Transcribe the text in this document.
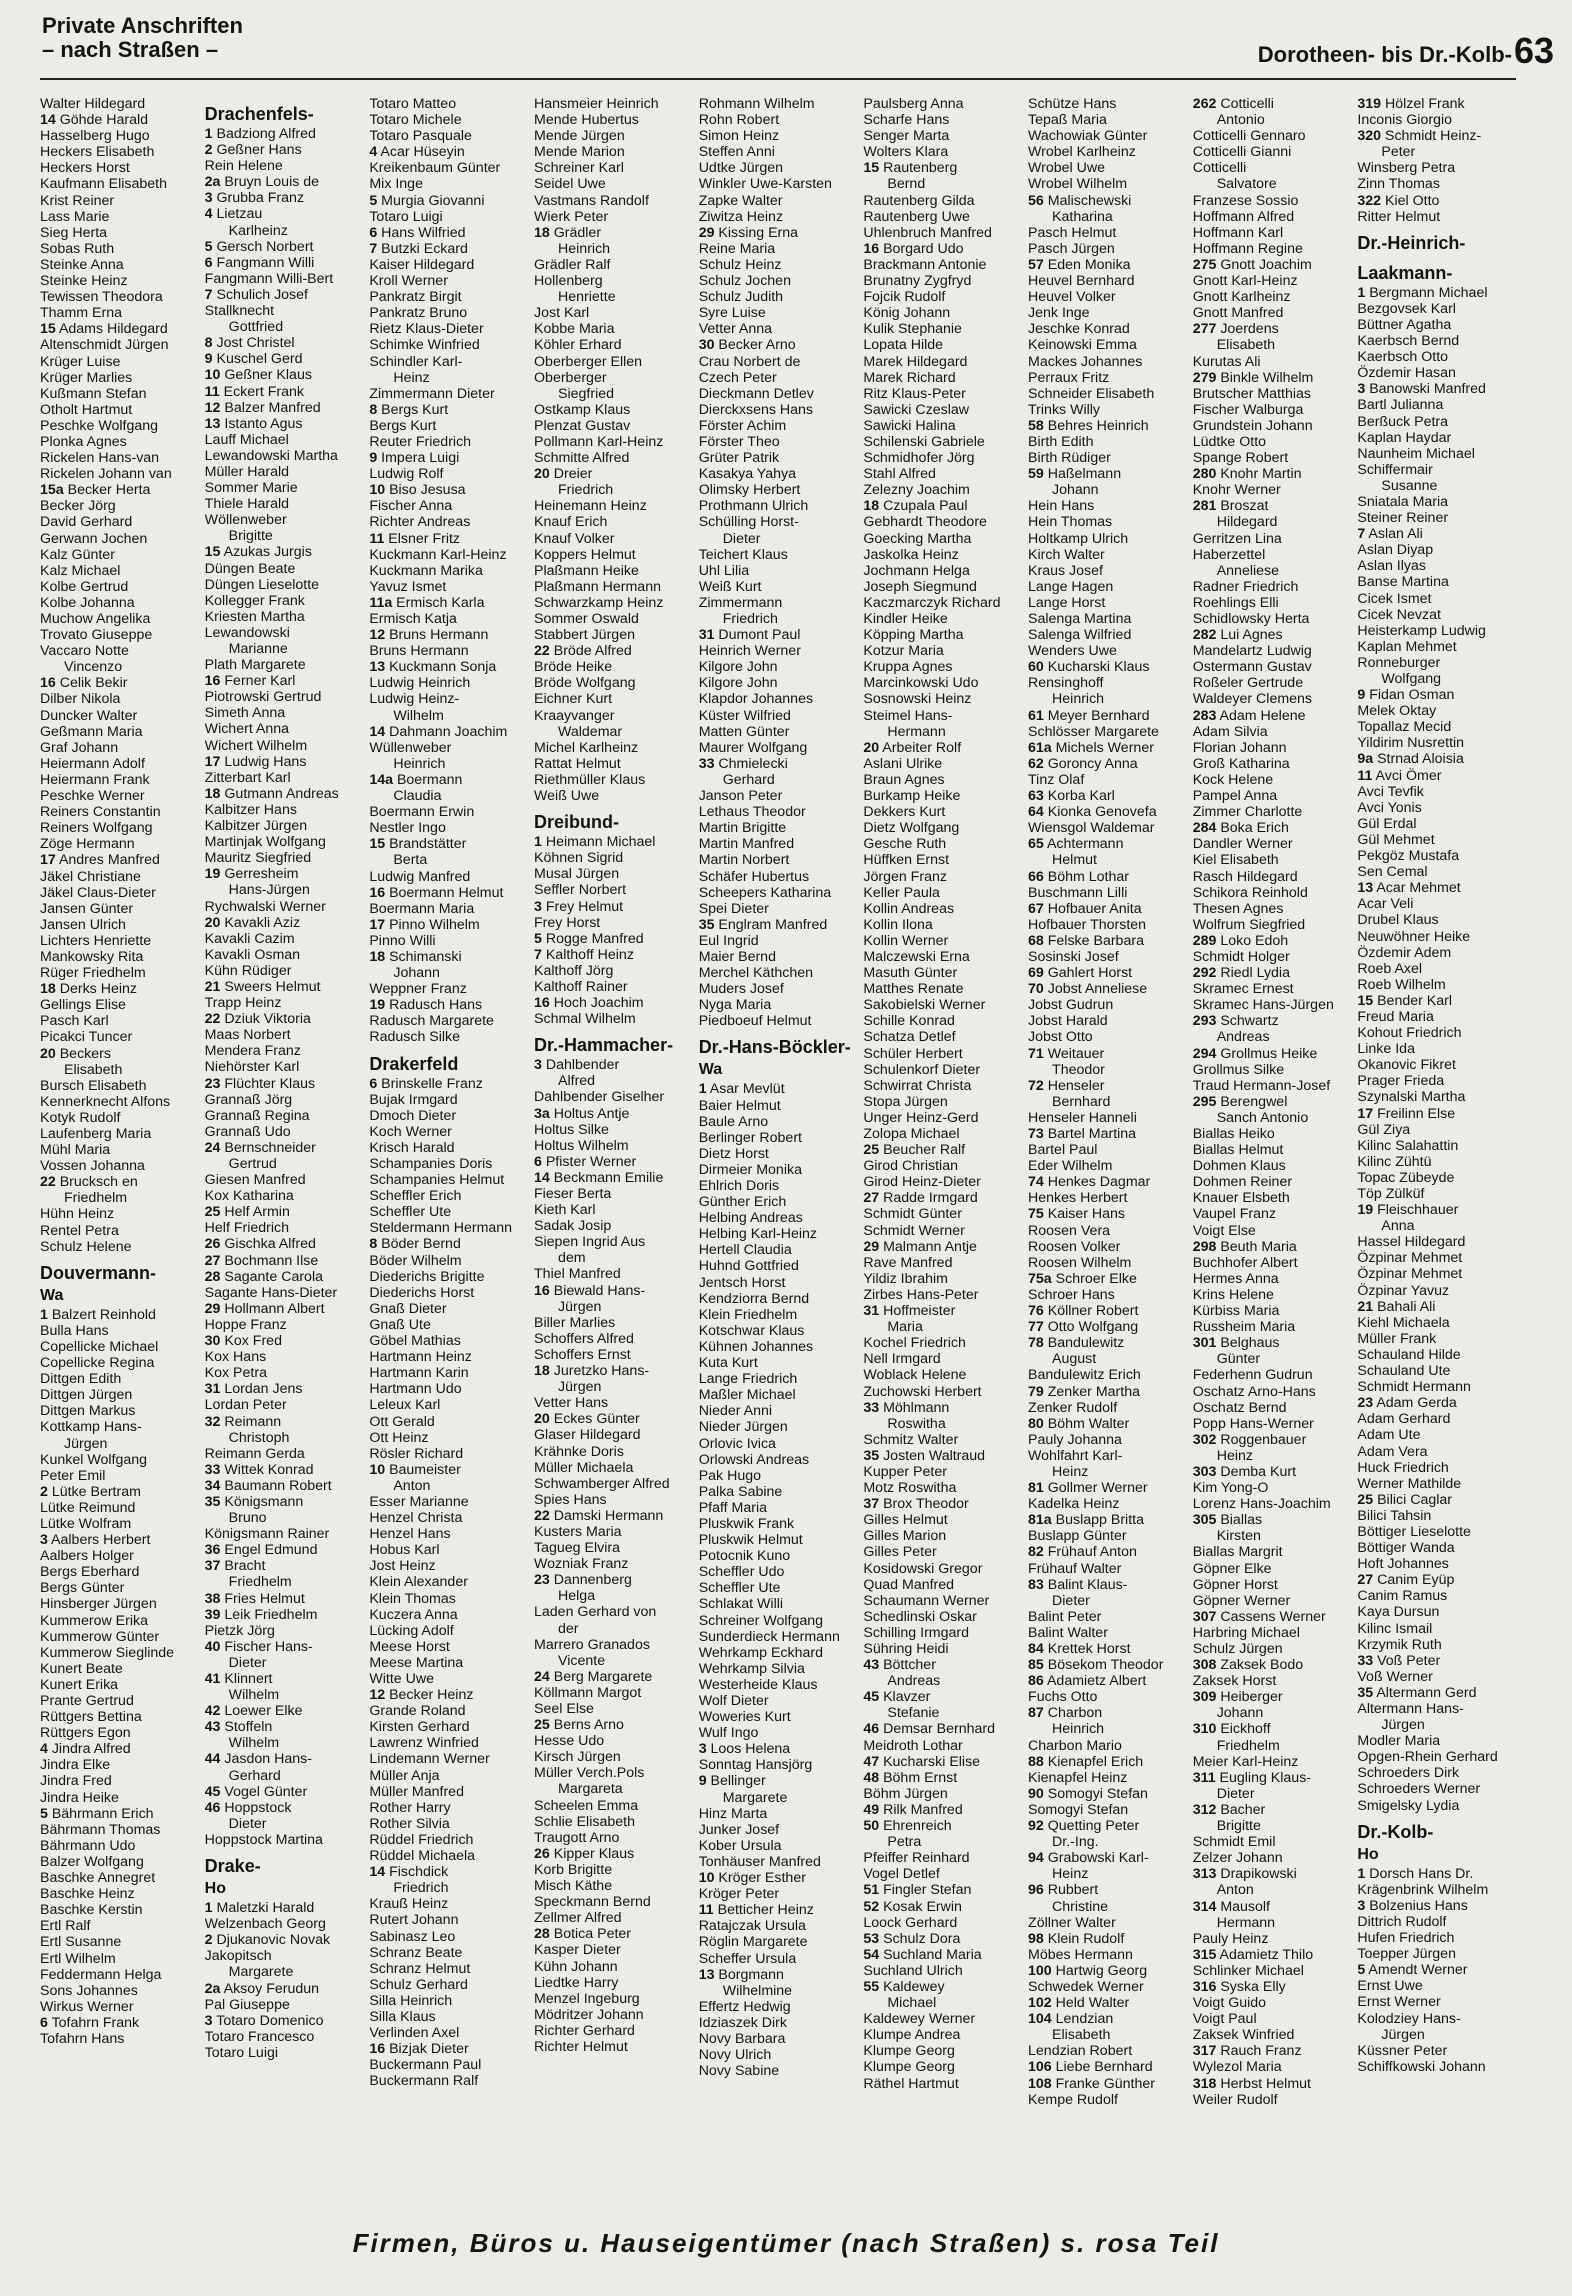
Private Anschriften
– nach Straßen –	Dorotheen- bis Dr.-Kolb- 63
Walter Hildegard
14 Göhde Harald
Hasselberg Hugo
Heckers Elisabeth
Heckers Horst
Kaufmann Elisabeth
Krist Reiner
Lass Marie
Sieg Herta
Sobas Ruth
Steinke Anna
Steinke Heinz
Tewissen Theodora
Thamm Erna
15 Adams Hildegard
Altenschmidt Jürgen
Krüger Luise
Krüger Marlies
Kußmann Stefan
Otholt Hartmut
Peschke Wolfgang
Plonka Agnes
Rickelen Hans-van
Rickelen Johann van
15a Becker Herta
Becker Jörg
David Gerhard
Gerwann Jochen
Kalz Günter
Kalz Michael
Kolbe Gertrud
Kolbe Johanna
Muchow Angelika
Trovato Giuseppe
Vaccaro Notte
Vincenzo
16 Celik Bekir
Dilber Nikola
Duncker Walter
Geßmann Maria
Graf Johann
Heiermann Adolf
Heiermann Frank
Peschke Werner
Reiners Constantin
Reiners Wolfgang
Zöge Hermann
17 Andres Manfred
Jäkel Christiane
Jäkel Claus-Dieter
Jansen Günter
Jansen Ulrich
Lichters Henriette
Mankowsky Rita
Rüger Friedhelm
18 Derks Heinz
Gellings Elise
Pasch Karl
Picakci Tuncer
20 Beckers
Elisabeth
Bursch Elisabeth
Kennerknecht Alfons
Kotyk Rudolf
Laufenberg Maria
Mühl Maria
Vossen Johanna
22 Brucksch en
Friedhelm
Hühn Heinz
Rentel Petra
Schulz Helene
Douvermann-
Wa
1 Balzert Reinhold
Bulla Hans
Copellicke Michael
Copellicke Regina
Dittgen Edith
Dittgen Jürgen
Dittgen Markus
Kottkamp Hans-
Jürgen
Kunkel Wolfgang
Peter Emil
2 Lütke Bertram
Lütke Reimund
Lütke Wolfram
3 Aalbers Herbert
Aalbers Holger
Bergs Eberhard
Bergs Günter
Hinsberger Jürgen
Kummerow Erika
Kummerow Günter
Kummerow Sieglinde
Kunert Beate
Kunert Erika
Prante Gertrud
Rüttgers Bettina
Rüttgers Egon
4 Jindra Alfred
Jindra Elke
Jindra Fred
Jindra Heike
5 Bährmann Erich
Bährmann Thomas
Bährmann Udo
Balzer Wolfgang
Baschke Annegret
Baschke Heinz
Baschke Kerstin
Ertl Ralf
Ertl Susanne
Ertl Wilhelm
Feddermann Helga
Sons Johannes
Wirkus Werner
6 Tofahrn Frank
Tofahrn Hans
Drachenfels-
1 Badziong Alfred
2 Geßner Hans
Rein Helene
2a Bruyn Louis de
3 Grubba Franz
4 Lietzau
Karlheinz
5 Gersch Norbert
6 Fangmann Willi
Fangmann Willi-Bert
7 Schulich Josef
Stallknecht
Gottfried
8 Jost Christel
9 Kuschel Gerd
10 Geßner Klaus
11 Eckert Frank
12 Balzer Manfred
13 Istanto Agus
Lauff Michael
Lewandowski Martha
Müller Harald
Sommer Marie
Thiele Harald
Wöllenweber
Brigitte
15 Azukas Jurgis
Düngen Beate
Düngen Lieselotte
Kollegger Frank
Kriesten Martha
Lewandowski
Marianne
Plath Margarete
16 Ferner Karl
Piotrowski Gertrud
Simeth Anna
Wichert Anna
Wichert Wilhelm
17 Ludwig Hans
Zitterbart Karl
18 Gutmann Andreas
Kalbitzer Hans
Kalbitzer Jürgen
Martinjak Wolfgang
Mauritz Siegfried
19 Gerresheim
Hans-Jürgen
Rychwalski Werner
20 Kavakli Aziz
Kavakli Cazim
Kavakli Osman
Kühn Rüdiger
21 Sweers Helmut
Trapp Heinz
22 Dziuk Viktoria
Maas Norbert
Mendera Franz
Niehörster Karl
23 Flüchter Klaus
Grannaß Jörg
Grannaß Regina
Grannaß Udo
24 Bernschneider
Gertrud
Giesen Manfred
Kox Katharina
25 Helf Armin
Helf Friedrich
26 Gischka Alfred
27 Bochmann Ilse
28 Sagante Carola
Sagante Hans-Dieter
29 Hollmann Albert
Hoppe Franz
30 Kox Fred
Kox Hans
Kox Petra
31 Lordan Jens
Lordan Peter
32 Reimann
Christoph
Reimann Gerda
33 Wittek Konrad
34 Baumann Robert
35 Königsmann
Bruno
Königsmann Rainer
36 Engel Edmund
37 Bracht
Friedhelm
38 Fries Helmut
39 Leik Friedhelm
Pietzk Jörg
40 Fischer Hans-
Dieter
41 Klinnert
Wilhelm
42 Loewer Elke
43 Stoffeln
Wilhelm
44 Jasdon Hans-
Gerhard
45 Vogel Günter
46 Hoppstock
Dieter
Hoppstock Martina
Drake-
Ho
1 Maletzki Harald
Welzenbach Georg
2 Djukanovic Novak
Jakopitsch
Margarete
2a Aksoy Ferudun
Pal Giuseppe
3 Totaro Domenico
Totaro Francesco
Totaro Luigi
Totaro Matteo
Totaro Michele
Totaro Pasquale
4 Acar Hüseyin
Kreikenbaum Günter
Mix Inge
5 Murgia Giovanni
Totaro Luigi
6 Hans Wilfried
7 Butzki Eckard
Kaiser Hildegard
Kroll Werner
Pankratz Birgit
Pankratz Bruno
Rietz Klaus-Dieter
Schimke Winfried
Schindler Karl-
Heinz
Zimmermann Dieter
8 Bergs Kurt
Bergs Kurt
Reuter Friedrich
9 Impera Luigi
Ludwig Rolf
10 Biso Jesusa
Fischer Anna
Richter Andreas
11 Elsner Fritz
Kuckmann Karl-Heinz
Kuckmann Marika
Yavuz Ismet
11a Ermisch Karla
Ermisch Katja
12 Bruns Hermann
Bruns Hermann
13 Kuckmann Sonja
Ludwig Heinrich
Ludwig Heinz-
Wilhelm
14 Dahmann Joachim
Wüllenweber
Heinrich
14a Boermann
Claudia
Boermann Erwin
Nestler Ingo
15 Brandstätter
Berta
Ludwig Manfred
16 Boermann Helmut
Boermann Maria
17 Pinno Wilhelm
Pinno Willi
18 Schimanski
Johann
Weppner Franz
19 Radusch Hans
Radusch Margarete
Radusch Silke
Drakerfeld
6 Brinskelle Franz
Bujak Irmgard
Dmoch Dieter
Koch Werner
Krisch Harald
Schampanies Doris
Schampanies Helmut
Scheffler Erich
Scheffler Ute
Steldermann Hermann
8 Böder Bernd
Böder Wilhelm
Diederichs Brigitte
Diederichs Horst
Gnaß Dieter
Gnaß Ute
Göbel Mathias
Hartmann Heinz
Hartmann Karin
Hartmann Udo
Leleux Karl
Ott Gerald
Ott Heinz
Rösler Richard
10 Baumeister
Anton
Esser Marianne
Henzel Christa
Henzel Hans
Hobus Karl
Jost Heinz
Klein Alexander
Klein Thomas
Kuczera Anna
Lücking Adolf
Meese Horst
Meese Martina
Witte Uwe
12 Becker Heinz
Grande Roland
Kirsten Gerhard
Lawrenz Winfried
Lindemann Werner
Müller Anja
Müller Manfred
Rother Harry
Rother Silvia
Rüddel Friedrich
Rüddel Michaela
14 Fischdick
Friedrich
Krauß Heinz
Rutert Johann
Sabinasz Leo
Schranz Beate
Schranz Helmut
Schulz Gerhard
Silla Heinrich
Silla Klaus
Verlinden Axel
16 Bizjak Dieter
Buckermann Paul
Buckermann Ralf
Hansmeier Heinrich
Mende Hubertus
Mende Jürgen
Mende Marion
Schreiner Karl
Seidel Uwe
Vastmans Randolf
Wierk Peter
18 Grädler
Heinrich
Grädler Ralf
Hollenberg
Henriette
Jost Karl
Kobbe Maria
Köhler Erhard
Oberberger Ellen
Oberberger
Siegfried
Ostkamp Klaus
Plenzat Gustav
Pollmann Karl-Heinz
Schmitte Alfred
20 Dreier
Friedrich
Heinemann Heinz
Knauf Erich
Knauf Volker
Koppers Helmut
Plaßmann Heike
Plaßmann Hermann
Schwarzkamp Heinz
Sommer Oswald
Stabbert Jürgen
22 Bröde Alfred
Bröde Heike
Bröde Wolfgang
Eichner Kurt
Kraayvanger
Waldemar
Michel Karlheinz
Rattat Helmut
Riethmüller Klaus
Weiß Uwe
Dreibund-
1 Heimann Michael
Köhnen Sigrid
Musal Jürgen
Seffler Norbert
3 Frey Helmut
Frey Horst
5 Rogge Manfred
7 Kalthoff Heinz
Kalthoff Jörg
Kalthoff Rainer
16 Hoch Joachim
Schmal Wilhelm
Dr.-Hammacher-
3 Dahlbender
Alfred
Dahlbender Giselher
3a Holtus Antje
Holtus Silke
Holtus Wilhelm
6 Pfister Werner
14 Beckmann Emilie
Fieser Berta
Kieth Karl
Sadak Josip
Siepen Ingrid Aus
dem
Thiel Manfred
16 Biewald Hans-
Jürgen
Biller Marlies
Schoffers Alfred
Schoffers Ernst
18 Juretzko Hans-
Jürgen
Vetter Hans
20 Eckes Günter
Glaser Hildegard
Krähnke Doris
Müller Michaela
Schwamberger Alfred
Spies Hans
22 Damski Hermann
Kusters Maria
Tagueg Elvira
Wozniak Franz
23 Dannenberg
Helga
Laden Gerhard von
der
Marrero Granados
Vicente
24 Berg Margarete
Köllmann Margot
Seel Else
25 Berns Arno
Hesse Udo
Kirsch Jürgen
Müller Verch.Pols
Margareta
Scheelen Emma
Schlie Elisabeth
Traugott Arno
26 Kipper Klaus
Korb Brigitte
Misch Käthe
Speckmann Bernd
Zellmer Alfred
28 Botica Peter
Kasper Dieter
Kühn Johann
Liedtke Harry
Menzel Ingeburg
Mödritzer Johann
Richter Gerhard
Richter Helmut
Rohmann Wilhelm
Rohn Robert
Simon Heinz
Steffen Anni
Udtke Jürgen
Winkler Uwe-Karsten
Zapke Walter
Ziwitza Heinz
29 Kissing Erna
Reine Maria
Schulz Heinz
Schulz Jochen
Schulz Judith
Syre Luise
Vetter Anna
30 Becker Arno
Crau Norbert de
Czech Peter
Dieckmann Detlev
Dierckxsens Hans
Förster Achim
Förster Theo
Grüter Patrik
Kasakya Yahya
Olimsky Herbert
Prothmann Ulrich
Schülling Horst-
Dieter
Teichert Klaus
Uhl Lilia
Weiß Kurt
Zimmermann
Friedrich
31 Dumont Paul
Heinrich Werner
Kilgore John
Kilgore John
Klapdor Johannes
Küster Wilfried
Matten Günter
Maurer Wolfgang
33 Chmielecki
Gerhard
Janson Peter
Lethaus Theodor
Martin Brigitte
Martin Manfred
Martin Norbert
Schäfer Hubertus
Scheepers Katharina
Spei Dieter
35 Englram Manfred
Eul Ingrid
Maier Bernd
Merchel Käthchen
Muders Josef
Nyga Maria
Piedboeuf Helmut
Dr.-Hans-Böckler-
Wa
1 Asar Mevlüt
Baier Helmut
Baule Arno
Berlinger Robert
Dietz Horst
Dirmeier Monika
Ehlrich Doris
Günther Erich
Helbing Andreas
Helbing Karl-Heinz
Hertell Claudia
Huhnd Gottfried
Jentsch Horst
Kendziorra Bernd
Klein Friedhelm
Kotschwar Klaus
Kühnen Johannes
Kuta Kurt
Lange Friedrich
Maßler Michael
Nieder Anni
Nieder Jürgen
Orlovic Ivica
Orlowski Andreas
Pak Hugo
Palka Sabine
Pfaff Maria
Pluskwik Frank
Pluskwik Helmut
Potocnik Kuno
Scheffler Udo
Scheffler Ute
Schlakat Willi
Schreiner Wolfgang
Sunderdieck Hermann
Wehrkamp Eckhard
Wehrkamp Silvia
Westerheide Klaus
Wolf Dieter
Woweries Kurt
Wulf Ingo
3 Loos Helena
Sonntag Hansjörg
9 Bellinger
Margarete
Hinz Marta
Junker Josef
Kober Ursula
Tonhäuser Manfred
10 Kröger Esther
Kröger Peter
11 Betticher Heinz
Ratajczak Ursula
Röglin Margarete
Scheffer Ursula
13 Borgmann
Wilhelmine
Effertz Hedwig
Idziaszek Dirk
Novy Barbara
Novy Ulrich
Novy Sabine
Paulsberg Anna
Scharfe Hans
Senger Marta
Wolters Klara
15 Rautenberg
Bernd
Rautenberg Gilda
Rautenberg Uwe
Uhlenbruch Manfred
16 Borgard Udo
Brackmann Antonie
Brunatny Zygfryd
Fojcik Rudolf
König Johann
Kulik Stephanie
Lopata Hilde
Marek Hildegard
Marek Richard
Ritz Klaus-Peter
Sawicki Czeslaw
Sawicki Halina
Schilenski Gabriele
Schmidhofer Jörg
Stahl Alfred
Zelezny Joachim
18 Czupala Paul
Gebhardt Theodore
Goecking Martha
Jaskolka Heinz
Jochmann Helga
Joseph Siegmund
Kaczmarczyk Richard
Kindler Heike
Köpping Martha
Kotzur Maria
Kruppa Agnes
Marcinkowski Udo
Sosnowski Heinz
Steimel Hans-
Hermann
20 Arbeiter Rolf
Aslani Ulrike
Braun Agnes
Burkamp Heike
Dekkers Kurt
Dietz Wolfgang
Gesche Ruth
Hüffken Ernst
Jörgen Franz
Keller Paula
Kollin Andreas
Kollin Ilona
Kollin Werner
Malczewski Erna
Masuth Günter
Matthes Renate
Sakobielski Werner
Schille Konrad
Schatza Detlef
Schüler Herbert
Schulenkorf Dieter
Schwirrat Christa
Stopa Jürgen
Unger Heinz-Gerd
Zolopa Michael
25 Beucher Ralf
Girod Christian
Girod Heinz-Dieter
27 Radde Irmgard
Schmidt Günter
Schmidt Werner
29 Malmann Antje
Rave Manfred
Yildiz Ibrahim
Zirbes Hans-Peter
31 Hoffmeister
Maria
Kochel Friedrich
Nell Irmgard
Woblack Helene
Zuchowski Herbert
33 Möhlmann
Roswitha
Schmitz Walter
35 Josten Waltraud
Kupper Peter
Motz Roswitha
37 Brox Theodor
Gilles Helmut
Gilles Marion
Gilles Peter
Kosidowski Gregor
Quad Manfred
Schaumann Werner
Schedlinski Oskar
Schilling Irmgard
Sühring Heidi
43 Böttcher
Andreas
45 Klavzer
Stefanie
46 Demsar Bernhard
Meidroth Lothar
47 Kucharski Elise
48 Böhm Ernst
Böhm Jürgen
49 Rilk Manfred
50 Ehrenreich
Petra
Pfeiffer Reinhard
Vogel Detlef
51 Fingler Stefan
52 Kosak Erwin
Loock Gerhard
53 Schulz Dora
54 Suchland Maria
Suchland Ulrich
55 Kaldewey
Michael
Kaldewey Werner
Klumpe Andrea
Klumpe Georg
Klumpe Georg
Räthel Hartmut
Schütze Hans
Tepaß Maria
Wachowiak Günter
Wrobel Karlheinz
Wrobel Uwe
Wrobel Wilhelm
56 Malischewski
Katharina
Pasch Helmut
Pasch Jürgen
57 Eden Monika
Heuvel Bernhard
Heuvel Volker
Jenk Inge
Jeschke Konrad
Keinowski Emma
Mackes Johannes
Perraux Fritz
Schneider Elisabeth
Trinks Willy
58 Behres Heinrich
Birth Edith
Birth Rüdiger
59 Haßelmann
Johann
Hein Hans
Hein Thomas
Holtkamp Ulrich
Kirch Walter
Kraus Josef
Lange Hagen
Lange Horst
Salenga Martina
Salenga Wilfried
Wenders Uwe
60 Kucharski Klaus
Rensinghoff
Heinrich
61 Meyer Bernhard
Schlösser Margarete
61a Michels Werner
62 Goroncy Anna
Tinz Olaf
63 Korba Karl
64 Kionka Genovefa
Wiensgol Waldemar
65 Achtermann
Helmut
66 Böhm Lothar
Buschmann Lilli
67 Hofbauer Anita
Hofbauer Thorsten
68 Felske Barbara
Sosinski Josef
69 Gahlert Horst
70 Jobst Anneliese
Jobst Gudrun
Jobst Harald
Jobst Otto
71 Weitauer
Theodor
72 Henseler
Bernhard
Henseler Hanneli
73 Bartel Martina
Bartel Paul
Eder Wilhelm
74 Henkes Dagmar
Henkes Herbert
75 Kaiser Hans
Roosen Vera
Roosen Volker
Roosen Wilhelm
75a Schroer Elke
Schroer Hans
76 Köllner Robert
77 Otto Wolfgang
78 Bandulewitz
August
Bandulewitz Erich
79 Zenker Martha
Zenker Rudolf
80 Böhm Walter
Pauly Johanna
Wohlfahrt Karl-
Heinz
81 Gollmer Werner
Kadelka Heinz
81a Buslapp Britta
Buslapp Günter
82 Frühauf Anton
Frühauf Walter
83 Balint Klaus-
Dieter
Balint Peter
Balint Walter
84 Krettek Horst
85 Bösekom Theodor
86 Adamietz Albert
Fuchs Otto
87 Charbon
Heinrich
Charbon Mario
88 Kienapfel Erich
Kienapfel Heinz
90 Somogyi Stefan
Somogyi Stefan
92 Quetting Peter
Dr.-Ing.
94 Grabowski Karl-
Heinz
96 Rubbert
Christine
Zöllner Walter
98 Klein Rudolf
Möbes Hermann
100 Hartwig Georg
Schwedek Werner
102 Held Walter
104 Lendzian
Elisabeth
Lendzian Robert
106 Liebe Bernhard
108 Franke Günther
Kempe Rudolf
262 Cotticelli
Antonio
Cotticelli Gennaro
Cotticelli Gianni
Cotticelli
Salvatore
Franzese Sossio
Hoffmann Alfred
Hoffmann Karl
Hoffmann Regine
275 Gnott Joachim
Gnott Karl-Heinz
Gnott Karlheinz
Gnott Manfred
277 Joerdens
Elisabeth
Kurutas Ali
279 Binkle Wilhelm
Brutscher Matthias
Fischer Walburga
Grundstein Johann
Lüdtke Otto
Spange Robert
280 Knohr Martin
Knohr Werner
281 Broszat
Hildegard
Gerritzen Lina
Haberzettel
Anneliese
Radner Friedrich
Roehlings Elli
Schidlowsky Herta
282 Lui Agnes
Mandelartz Ludwig
Ostermann Gustav
Roßeler Gertrude
Waldeyer Clemens
283 Adam Helene
Adam Silvia
Florian Johann
Groß Katharina
Kock Helene
Pampel Anna
Zimmer Charlotte
284 Boka Erich
Dandler Werner
Kiel Elisabeth
Rasch Hildegard
Schikora Reinhold
Thesen Agnes
Wolfrum Siegfried
289 Loko Edoh
Schmidt Holger
292 Riedl Lydia
Skramec Ernest
Skramec Hans-Jürgen
293 Schwartz
Andreas
294 Grollmus Heike
Grollmus Silke
Traud Hermann-Josef
295 Berengwel
Sanch Antonio
Biallas Heiko
Biallas Helmut
Dohmen Klaus
Dohmen Reiner
Knauer Elsbeth
Vaupel Franz
Voigt Else
298 Beuth Maria
Buchhofer Albert
Hermes Anna
Krins Helene
Kürbiss Maria
Russheim Maria
301 Belghaus
Günter
Federhenn Gudrun
Oschatz Arno-Hans
Oschatz Bernd
Popp Hans-Werner
302 Roggenbauer
Heinz
303 Demba Kurt
Kim Yong-O
Lorenz Hans-Joachim
305 Biallas
Kirsten
Biallas Margrit
Göpner Elke
Göpner Horst
Göpner Werner
307 Cassens Werner
Harbring Michael
Schulz Jürgen
308 Zaksek Bodo
Zaksek Horst
309 Heiberger
Johann
310 Eickhoff
Friedhelm
Meier Karl-Heinz
311 Eugling Klaus-
Dieter
312 Bacher
Brigitte
Schmidt Emil
Zelzer Johann
313 Drapikowski
Anton
314 Mausolf
Hermann
Pauly Heinz
315 Adamietz Thilo
Schlinker Michael
316 Syska Elly
Voigt Guido
Voigt Paul
Zaksek Winfried
317 Rauch Franz
Wylezol Maria
318 Herbst Helmut
Weiler Rudolf
319 Hölzel Frank
Inconis Giorgio
320 Schmidt Heinz-
Peter
Winsberg Petra
Zinn Thomas
322 Kiel Otto
Ritter Helmut
Dr.-Heinrich-
Laakmann-
1 Bergmann Michael
Bezgovsek Karl
Büttner Agatha
Kaerbsch Bernd
Kaerbsch Otto
Özdemir Hasan
3 Banowski Manfred
Bartl Julianna
Berßuck Petra
Kaplan Haydar
Naunheim Michael
Schiffermair
Susanne
Sniatala Maria
Steiner Reiner
7 Aslan Ali
Aslan Diyap
Aslan Ilyas
Banse Martina
Cicek Ismet
Cicek Nevzat
Heisterkamp Ludwig
Kaplan Mehmet
Ronneburger
Wolfgang
9 Fidan Osman
Melek Oktay
Topallaz Mecid
Yildirim Nusrettin
9a Strnad Aloisia
11 Avci Ömer
Avci Tevfik
Avci Yonis
Gül Erdal
Gül Mehmet
Pekgöz Mustafa
Sen Cemal
13 Acar Mehmet
Acar Veli
Drubel Klaus
Neuwöhner Heike
Özdemir Adem
Roeb Axel
Roeb Wilhelm
15 Bender Karl
Freud Maria
Kohout Friedrich
Linke Ida
Okanovic Fikret
Prager Frieda
Szynalski Martha
17 Freilinn Else
Gül Ziya
Kilinc Salahattin
Kilinc Zühtü
Topac Zübeyde
Töp Zülküf
19 Fleischhauer
Anna
Hassel Hildegard
Özpinar Mehmet
Özpinar Mehmet
Özpinar Yavuz
21 Bahali Ali
Kiehl Michaela
Müller Frank
Schauland Hilde
Schauland Ute
Schmidt Hermann
23 Adam Gerda
Adam Gerhard
Adam Ute
Adam Vera
Huck Friedrich
Werner Mathilde
25 Bilici Caglar
Bilici Tahsin
Böttiger Lieselotte
Böttiger Wanda
Hoft Johannes
27 Canim Eyüp
Canim Ramus
Kaya Dursun
Kilinc Ismail
Krzymik Ruth
33 Voß Peter
Voß Werner
35 Altermann Gerd
Altermann Hans-
Jürgen
Modler Maria
Opgen-Rhein Gerhard
Schroeders Dirk
Schroeders Werner
Smigelsky Lydia
Dr.-Kolb-
Ho
1 Dorsch Hans Dr.
Krägenbrink Wilhelm
3 Bolzenius Hans
Dittrich Rudolf
Hufen Friedrich
Toepper Jürgen
5 Amendt Werner
Ernst Uwe
Ernst Werner
Kolodziey Hans-
Jürgen
Küssner Peter
Schiffkowski Johann
Firmen, Büros u. Hauseigentümer (nach Straßen) s. rosa Teil
